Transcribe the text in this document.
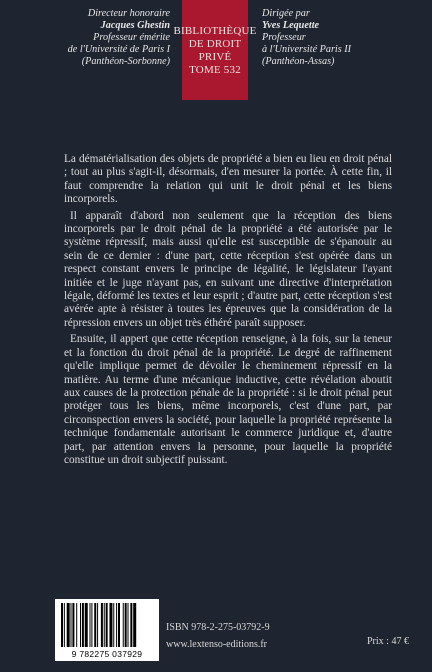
Directeur honoraire
Jacques Ghestin
Professeur émérite
de l'Université de Paris I
(Panthéon-Sorbonne)
BIBLIOTHÈQUE
DE DROIT
PRIVÉ
TOME 532
Dirigée par
Yves Lequette
Professeur
à l'Université Paris II
(Panthéon-Assas)

La dématérialisation des objets de propriété a bien eu lieu en droit pénal ; tout au plus s'agit-il, désormais, d'en mesurer la portée. À cette fin, il faut comprendre la relation qui unit le droit pénal et les biens incorporels.

Il apparaît d'abord non seulement que la réception des biens incorporels par le droit pénal de la propriété a été autorisée par le système répressif, mais aussi qu'elle est susceptible de s'épanouir au sein de ce dernier : d'une part, cette réception s'est opérée dans un respect constant envers le principe de légalité, le législateur l'ayant initiée et le juge n'ayant pas, en suivant une directive d'interprétation légale, déformé les textes et leur esprit ; d'autre part, cette réception s'est avérée apte à résister à toutes les épreuves que la considération de la répression envers un objet très éthéré paraît supposer.

Ensuite, il appert que cette réception renseigne, à la fois, sur la teneur et la fonction du droit pénal de la propriété. Le degré de raffinement qu'elle implique permet de dévoiler le cheminement répressif en la matière. Au terme d'une mécanique inductive, cette révélation aboutit aux causes de la protection pénale de la propriété : si le droit pénal peut protéger tous les biens, même incorporels, c'est d'une part, par circonspection envers la société, pour laquelle la propriété représente la technique fondamentale autorisant le commerce juridique et, d'autre part, par attention envers la personne, pour laquelle la propriété constitue un droit subjectif puissant.

9 782275 037929
ISBN 978-2-275-03792-9
www.lextenso-editions.fr	Prix : 47 €
